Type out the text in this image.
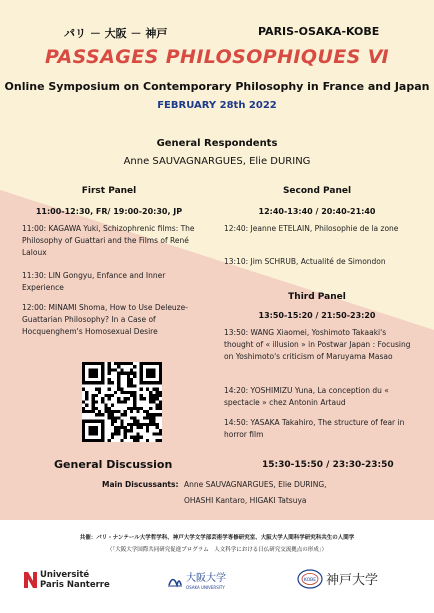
パリ － 大阪 － 神戸	PARIS-OSAKA-KOBE
PASSAGES PHILOSOPHIQUES Ⅵ
Online Symposium on Contemporary Philosophy in France and Japan
FEBRUARY 28th 2022
General Respondents
Anne SAUVAGNARGUES, Elie DURING
First Panel
11:00-12:30, FR/ 19:00-20:30, JP
11:00: KAGAWA Yuki, Schizophrenic films: The Philosophy of Guattari and the Films of René Laloux
11:30: LIN Gongyu, Enfance and Inner Experience
12:00: MINAMI Shoma, How to Use Deleuze-Guattarian Philosophy? In a Case of Hocquenghem's Homosexual Desire
Second Panel
12:40-13:40 / 20:40-21:40
12:40: Jeanne ETELAIN, Philosophie de la zone
13:10: Jim SCHRUB, Actualité de Simondon
Third Panel
13:50-15:20 / 21:50-23:20
13:50: WANG Xiaomei, Yoshimoto Takaaki's thought of « illusion » in Postwar Japan : Focusing on Yoshimoto's criticism of Maruyama Masao
14:20: YOSHIMIZU Yuna, La conception du « spectacle » chez Antonin Artaud
14:50: YASAKA Takahiro, The structure of fear in horror film
General Discussion	15:30-15:50 / 23:30-23:50
Main Discussants: Anne SAUVAGNARGUES, Elie DURING,
OHASHI Kantaro, HIGAKI Tatsuya
共催：パリ・ナンテール大学哲学科、神戸大学文学部芸術学専修研究室、大阪大学人間科学研究科共生の人間学
（「大阪大学国際共同研究促進プログラム　人文科学における日仏研究交流拠点の形成」）
Université
Paris Nanterre
大阪大学
OSAKA UNIVERSITY
KOBE 神戸大学
